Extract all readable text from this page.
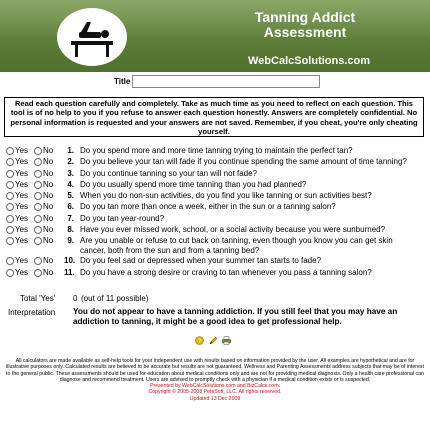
Tanning Addict Assessment
WebCalcSolutions.com
Title
Read each question carefully and completely. Take as much time as you need to reflect on each question. This tool is of no help to you if you refuse to answer each question honestly. Answers are completely confidential. No personal information is requested and your answers are not saved. Remember, if you cheat, you're only cheating yourself.
Yes No	1. Do you spend more and more time tanning trying to maintain the perfect tan?
Yes No	2. Do you believe your tan will fade if you continue spending the same amount of time tanning?
Yes No	3. Do you continue tanning so your tan will not fade?
Yes No	4. Do you usually spend more time tanning than you had planned?
Yes No	5. When you do non-sun activities, do you find you like tanning or sun activities best?
Yes No	6. Do you tan more than once a week, either in the sun or a tanning salon?
Yes No	7. Do you tan year-round?
Yes No	8. Have you ever missed work, school, or a social activity because you were sunburned?
Yes No	9. Are you unable or refuse to cut back on tanning, even though you know you can get skin cancer, both from the sun and from a tanning bed?
Yes No 10. Do you feel sad or depressed when your summer tan starts to fade?
Yes No 11. Do you have a strong desire or craving to tan whenever you pass a tanning salon?
Total 'Yes' 0 (out of 11 possible)
Interpretation You do not appear to have a tanning addiction. If you still feel that you may have an addiction to tanning, it might be a good idea to get professional help.
?
All calculators are made available as self-help tools for your independent use with results based on information provided by the user. All examples are hypothetical and are for illustrative purposes only. Calculated results are believed to be accurate but results are not guaranteed. Wellness and Parenting Assessments address subjects that may be of interest to the general public. These assessments should be used for education about medical conditions only and are not for providing medical diagnosis. Only a health care professional can diagnose and recommend treatment. Users are advised to promptly check with a physician if a medical condition exists or is suspected.
Presented by WebCalcSolutions.com and BizCalcs.com.
Copyright © 2005-2008 PeteSoft, LLC. All rights reserved.
Updated 13 Dec 2009
